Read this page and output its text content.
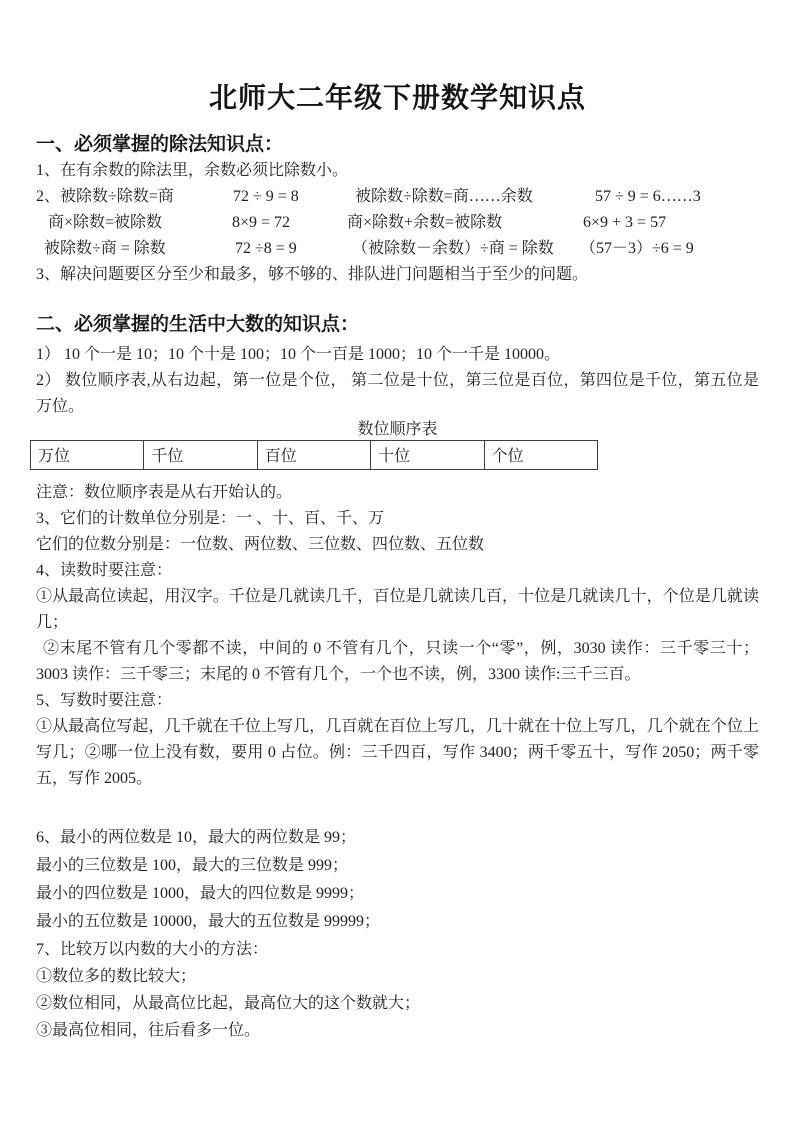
北师大二年级下册数学知识点
一、必须掌握的除法知识点：
1、在有余数的除法里，余数必须比除数小。
2、被除数÷除数=商	72 ÷ 9 = 8	被除数÷除数=商……余数	57 ÷ 9 = 6……3
商×除数=被除数	8×9 = 72	商×除数+余数=被除数	6×9 + 3 = 57
被除数÷商 = 除数	72 ÷8 = 9	（被除数－余数）÷商 = 除数 （57－3）÷6 = 9
3、解决问题要区分至少和最多，够不够的、排队进门问题相当于至少的问题。
二、必须掌握的生活中大数的知识点：
1） 10 个一是 10；10 个十是 100；10 个一百是 1000；10 个一千是 10000。
2） 数位顺序表,从右边起，第一位是个位， 第二位是十位，第三位是百位，第四位是千位，第五位是万位。
数位顺序表
万位	千位	百位	十位	个位
注意：数位顺序表是从右开始认的。
3、它们的计数单位分别是：一 、十、百、千、万
它们的位数分别是：一位数、两位数、三位数、四位数、五位数
4、读数时要注意：
①从最高位读起，用汉字。千位是几就读几千，百位是几就读几百，十位是几就读几十，个位是几就读几；
②末尾不管有几个零都不读，中间的 0 不管有几个，只读一个“零”，例，3030 读作：三千零三十；3003 读作：三千零三；末尾的 0 不管有几个，一个也不读，例，3300 读作:三千三百。
5、写数时要注意：
①从最高位写起，几千就在千位上写几，几百就在百位上写几，几十就在十位上写几，几个就在个位上写几；②哪一位上没有数，要用 0 占位。例：三千四百，写作 3400；两千零五十，写作 2050；两千零五，写作 2005。
6、最小的两位数是 10，最大的两位数是 99；
最小的三位数是 100，最大的三位数是 999；
最小的四位数是 1000，最大的四位数是 9999；
最小的五位数是 10000，最大的五位数是 99999；
7、比较万以内数的大小的方法：
①数位多的数比较大；
②数位相同，从最高位比起，最高位大的这个数就大；
③最高位相同，往后看多一位。
